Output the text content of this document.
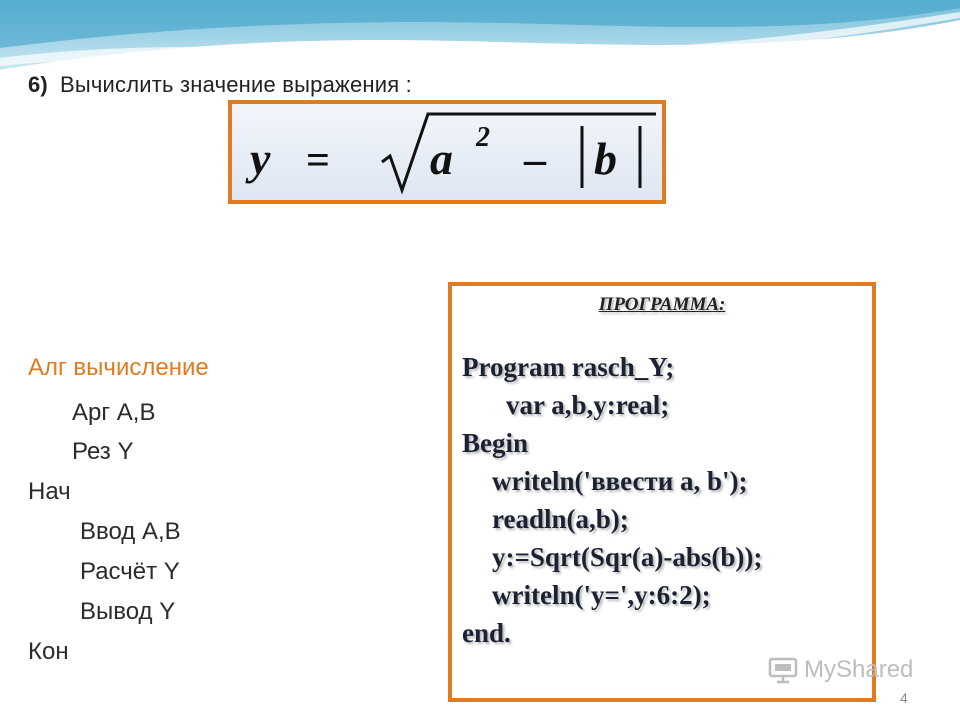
6) Вычислить значение выражения :
y = a 2 – b
Алг вычисление
Арг А,В
Рез Y
Нач
Ввод А,В
Расчёт Y
Вывод Y
Кон
ПРОГРАММА:
Program rasch_Y;
var a,b,y:real;
Begin
writeln('ввести a, b');
readln(a,b);
y:=Sqrt(Sqr(a)-abs(b));
writeln('y=',y:6:2);
end.
MyShared
4
